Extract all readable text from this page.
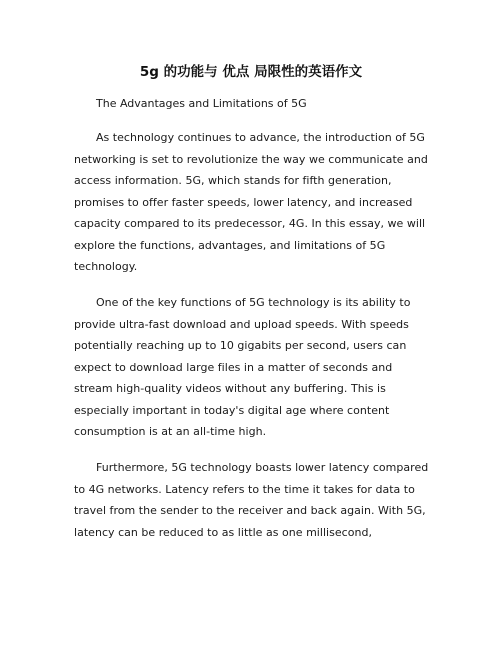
5g 的功能与 优点 局限性的英语作文

The Advantages and Limitations of 5G

As technology continues to advance, the introduction of 5G networking is set to revolutionize the way we communicate and access information. 5G, which stands for fifth generation, promises to offer faster speeds, lower latency, and increased capacity compared to its predecessor, 4G. In this essay, we will explore the functions, advantages, and limitations of 5G technology.

One of the key functions of 5G technology is its ability to provide ultra-fast download and upload speeds. With speeds potentially reaching up to 10 gigabits per second, users can expect to download large files in a matter of seconds and stream high-quality videos without any buffering. This is especially important in today's digital age where content consumption is at an all-time high.

Furthermore, 5G technology boasts lower latency compared to 4G networks. Latency refers to the time it takes for data to travel from the sender to the receiver and back again. With 5G, latency can be reduced to as little as one millisecond,
